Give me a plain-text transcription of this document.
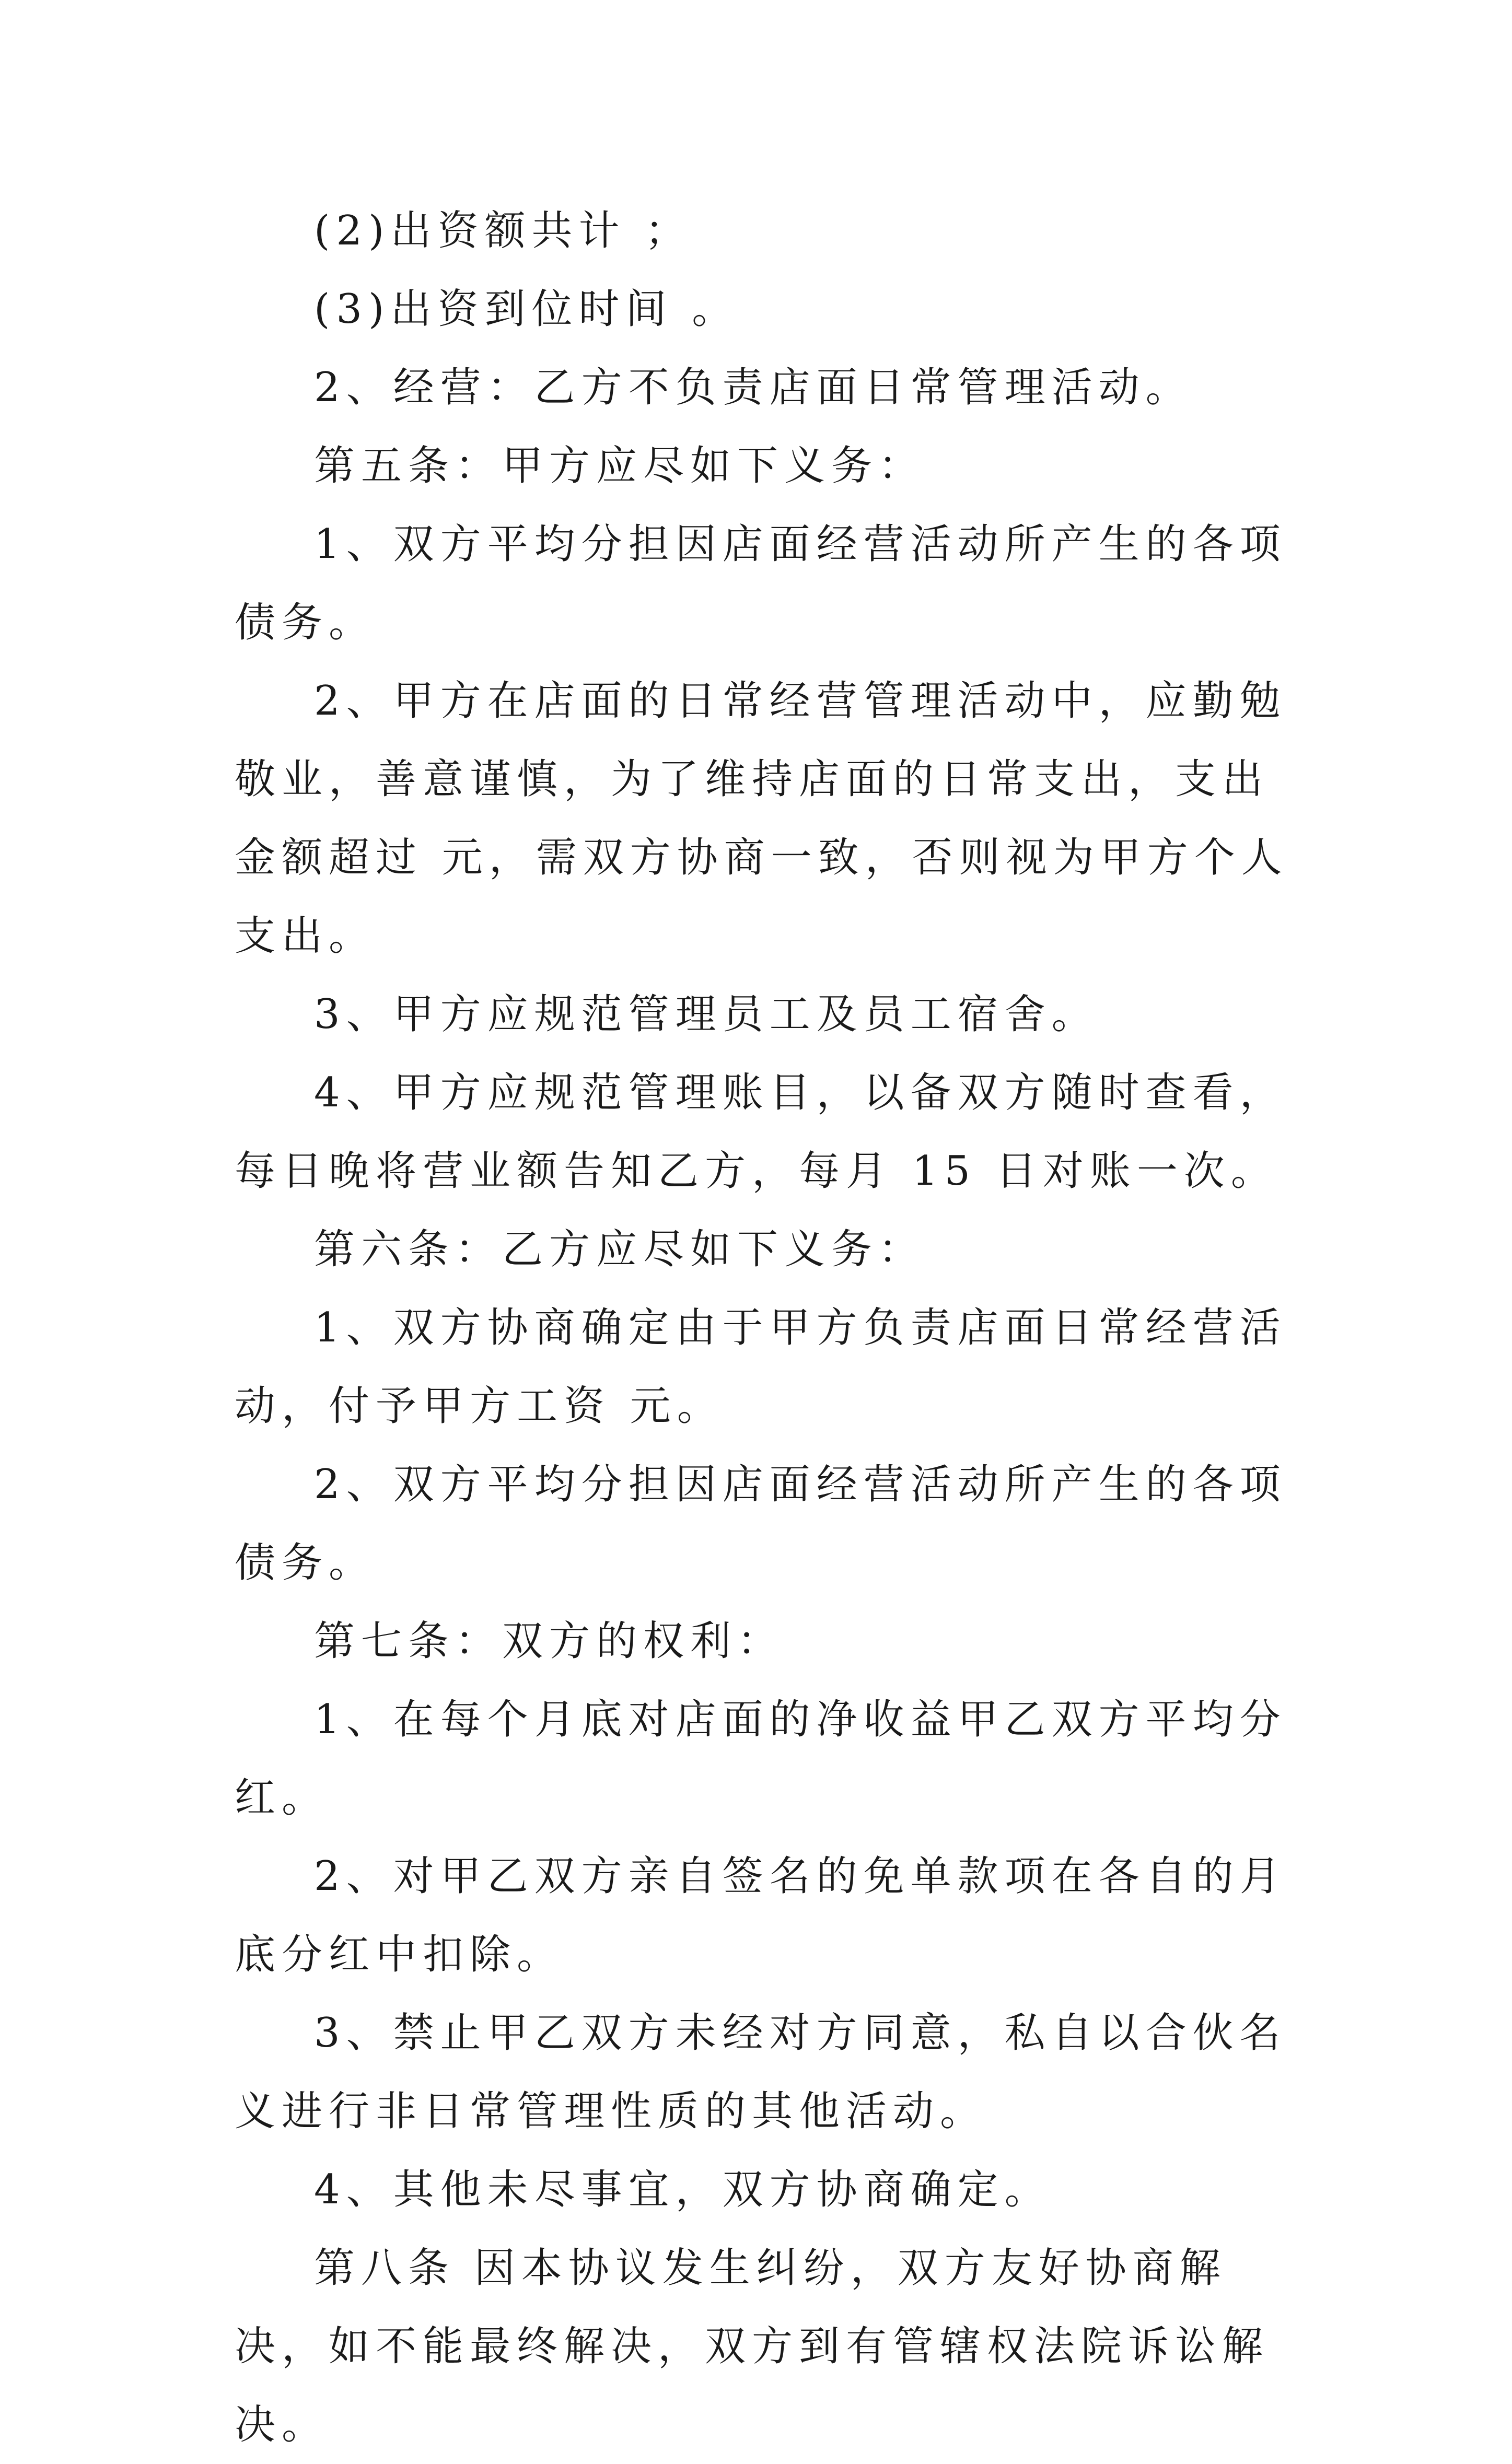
(2)出资额共计 ；

(3)出资到位时间 。

2、经营：乙方不负责店面日常管理活动。

第五条：甲方应尽如下义务：

1、双方平均分担因店面经营活动所产生的各项债务。

2、甲方在店面的日常经营管理活动中，应勤勉敬业，善意谨慎，为了维持店面的日常支出，支出金额超过 元，需双方协商一致，否则视为甲方个人支出。

3、甲方应规范管理员工及员工宿舍。

4、甲方应规范管理账目，以备双方随时查看，每日晚将营业额告知乙方，每月 15 日对账一次。

第六条：乙方应尽如下义务：

1、双方协商确定由于甲方负责店面日常经营活动，付予甲方工资 元。

2、双方平均分担因店面经营活动所产生的各项债务。

第七条：双方的权利：

1、在每个月底对店面的净收益甲乙双方平均分红。

2、对甲乙双方亲自签名的免单款项在各自的月底分红中扣除。

3、禁止甲乙双方未经对方同意，私自以合伙名义进行非日常管理性质的其他活动。

4、其他未尽事宜，双方协商确定。

第八条 因本协议发生纠纷，双方友好协商解决，如不能最终解决，双方到有管辖权法院诉讼解决。
